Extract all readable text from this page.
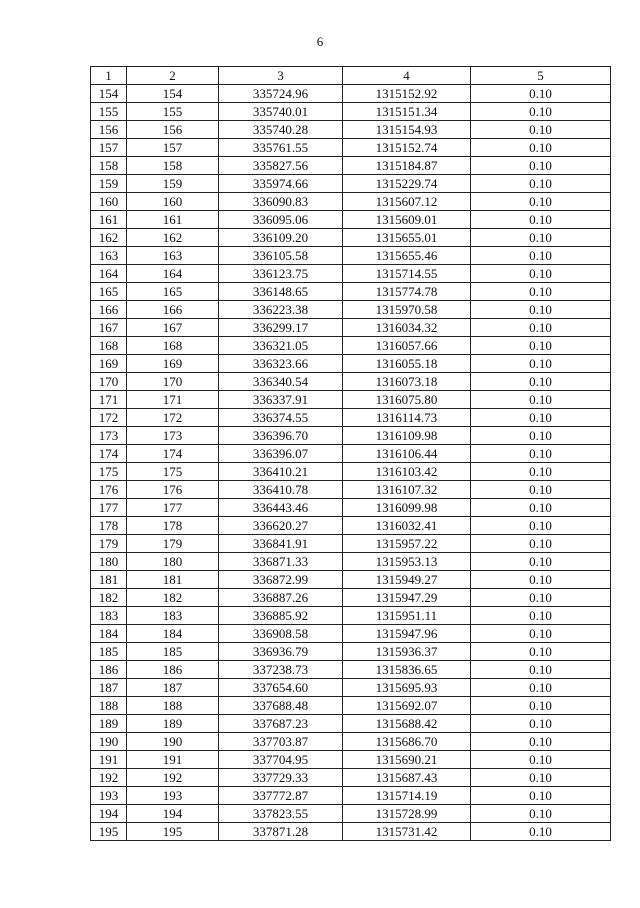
6
1	2	3	4	5
154	154	335724.96	1315152.92	0.10
155	155	335740.01	1315151.34	0.10
156	156	335740.28	1315154.93	0.10
157	157	335761.55	1315152.74	0.10
158	158	335827.56	1315184.87	0.10
159	159	335974.66	1315229.74	0.10
160	160	336090.83	1315607.12	0.10
161	161	336095.06	1315609.01	0.10
162	162	336109.20	1315655.01	0.10
163	163	336105.58	1315655.46	0.10
164	164	336123.75	1315714.55	0.10
165	165	336148.65	1315774.78	0.10
166	166	336223.38	1315970.58	0.10
167	167	336299.17	1316034.32	0.10
168	168	336321.05	1316057.66	0.10
169	169	336323.66	1316055.18	0.10
170	170	336340.54	1316073.18	0.10
171	171	336337.91	1316075.80	0.10
172	172	336374.55	1316114.73	0.10
173	173	336396.70	1316109.98	0.10
174	174	336396.07	1316106.44	0.10
175	175	336410.21	1316103.42	0.10
176	176	336410.78	1316107.32	0.10
177	177	336443.46	1316099.98	0.10
178	178	336620.27	1316032.41	0.10
179	179	336841.91	1315957.22	0.10
180	180	336871.33	1315953.13	0.10
181	181	336872.99	1315949.27	0.10
182	182	336887.26	1315947.29	0.10
183	183	336885.92	1315951.11	0.10
184	184	336908.58	1315947.96	0.10
185	185	336936.79	1315936.37	0.10
186	186	337238.73	1315836.65	0.10
187	187	337654.60	1315695.93	0.10
188	188	337688.48	1315692.07	0.10
189	189	337687.23	1315688.42	0.10
190	190	337703.87	1315686.70	0.10
191	191	337704.95	1315690.21	0.10
192	192	337729.33	1315687.43	0.10
193	193	337772.87	1315714.19	0.10
194	194	337823.55	1315728.99	0.10
195	195	337871.28	1315731.42	0.10
